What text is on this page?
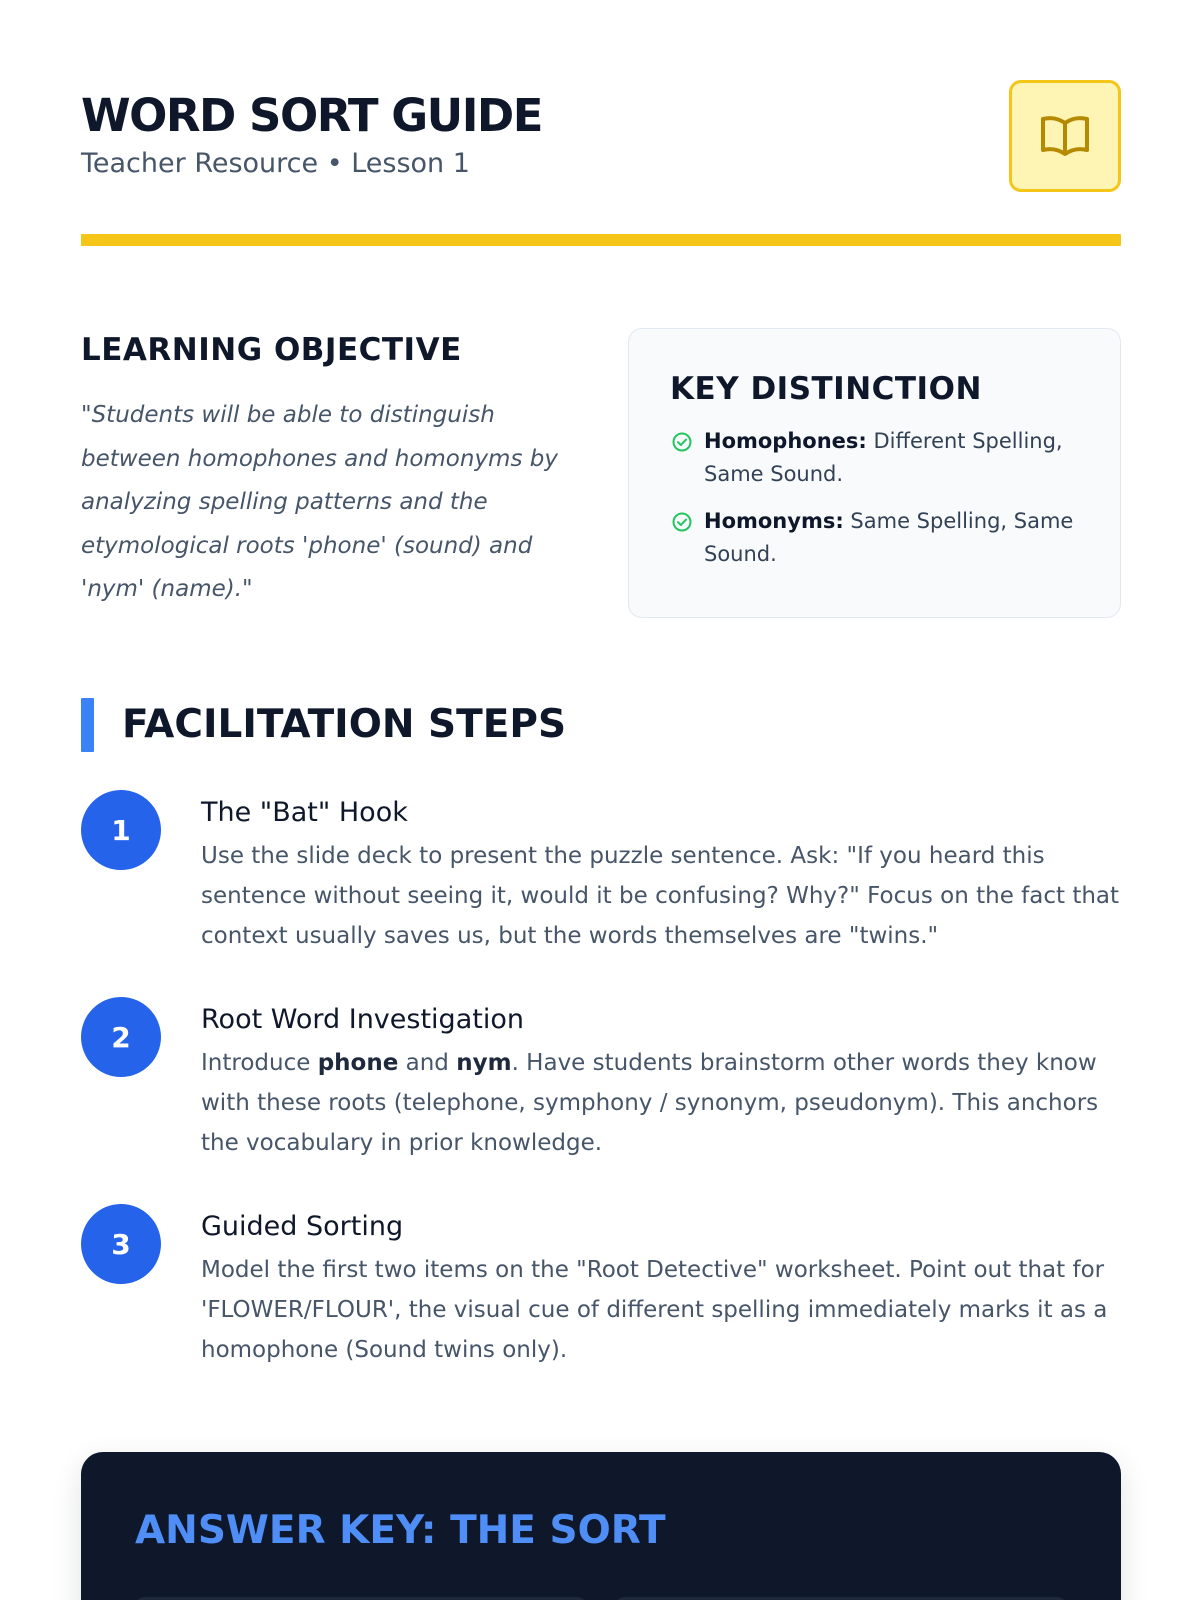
WORD SORT GUIDE
Teacher Resource • Lesson 1
LEARNING OBJECTIVE

"Students will be able to distinguish between homophones and homonyms by analyzing spelling patterns and the etymological roots 'phone' (sound) and 'nym' (name)."

KEY DISTINCTION
Homophones: Different Spelling, Same Sound.
Homonyms: Same Spelling, Same Sound.
FACILITATION STEPS
1
The "Bat" Hook

Use the slide deck to present the puzzle sentence. Ask: "If you heard this sentence without seeing it, would it be confusing? Why?" Focus on the fact that context usually saves us, but the words themselves are "twins."

2
Root Word Investigation

Introduce phone and nym. Have students brainstorm other words they know with these roots (telephone, symphony / synonym, pseudonym). This anchors the vocabulary in prior knowledge.

3
Guided Sorting

Model the first two items on the "Root Detective" worksheet. Point out that for 'FLOWER/FLOUR', the visual cue of different spelling immediately marks it as a homophone (Sound twins only).

ANSWER KEY: THE SORT
